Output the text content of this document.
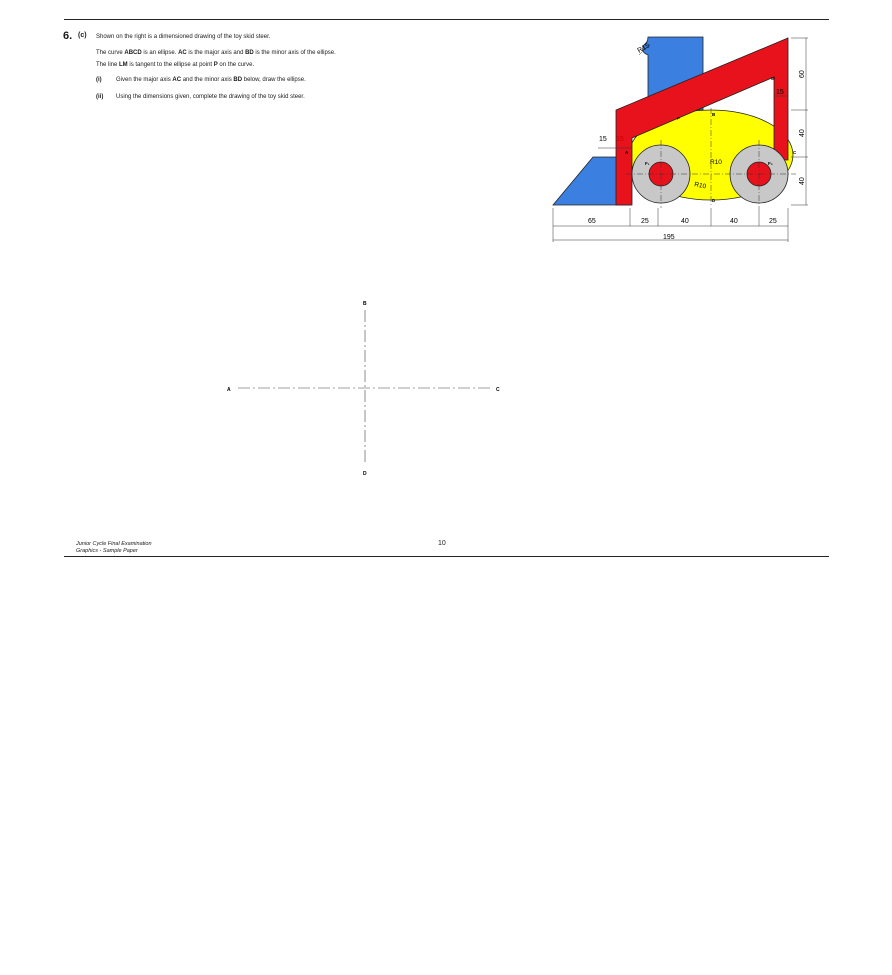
6. (c) Shown on the right is a dimensioned drawing of the toy skid steer.
The curve ABCD is an ellipse. AC is the major axis and BD is the minor axis of the ellipse.
The line LM is tangent to the ellipse at point P on the curve.
(i) Given the major axis AC and the minor axis BD below, draw the ellipse.
(ii) Using the dimensions given, complete the drawing of the toy skid steer.
R15
P
B
A	C
D
M
F₁	F₂
R10
R10
15 15
15
65	25	40	40	25
195
60
40
40
A	C
B
D
Junior Cycle Final Examination
Graphics - Sample Paper
10
